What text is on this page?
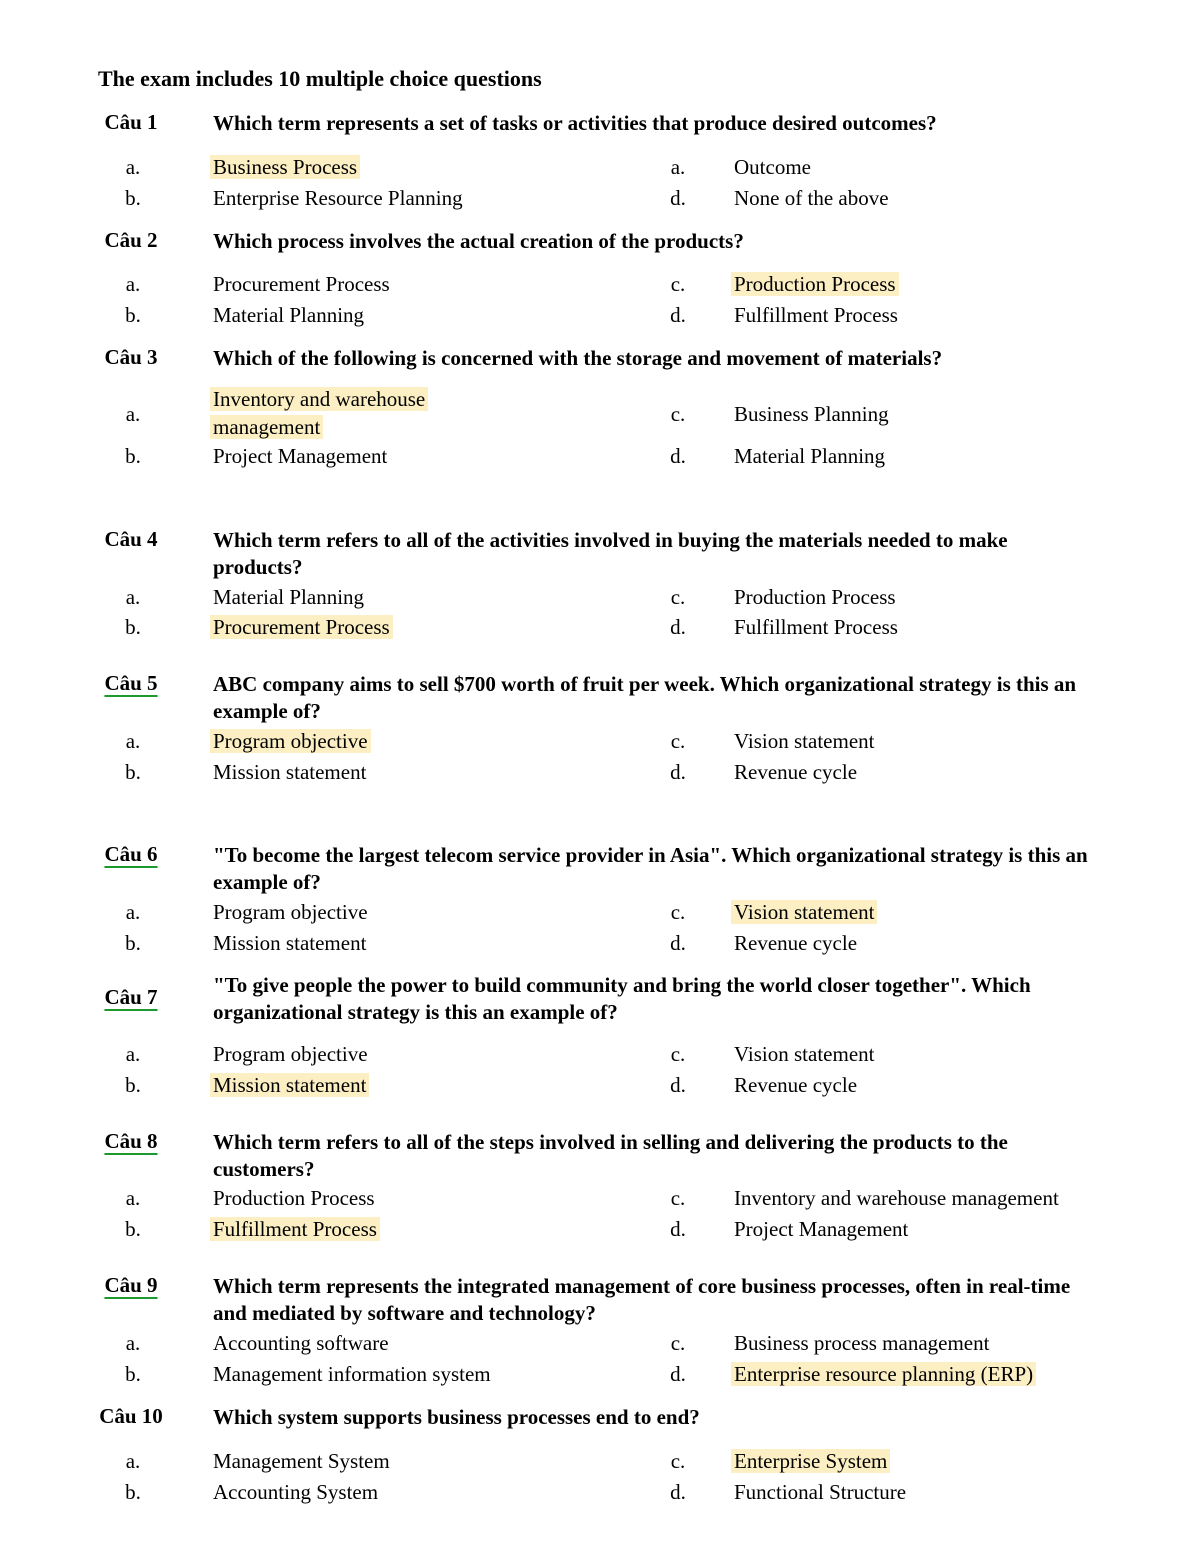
The exam includes 10 multiple choice questions
Câu 1	Which term represents a set of tasks or activities that produce desired outcomes?
a.	Business Process
b.	Enterprise Resource Planning
a. Outcome
d. None of the above
Câu 2	Which process involves the actual creation of the products?
a.	Procurement Process
b.	Material Planning
c. Production Process
d. Fulfillment Process
Câu 3	Which of the following is concerned with the storage and movement of materials?
a.
Inventory and warehouse management
b.	Project Management
c. Business Planning
d. Material Planning
Câu 4	Which term refers to all of the activities involved in buying the materials needed to make products?
a.	Material Planning
b.	Procurement Process
c. Production Process
d. Fulfillment Process
Câu 5	ABC company aims to sell $700 worth of fruit per week. Which organizational strategy is this an example of?
a.	Program objective
b.	Mission statement
c. Vision statement
d. Revenue cycle
Câu 6	"To become the largest telecom service provider in Asia". Which organizational strategy is this an example of?
a.	Program objective
b.	Mission statement
c. Vision statement
d. Revenue cycle
Câu 7	"To give people the power to build community and bring the world closer together". Which organizational strategy is this an example of?
a.	Program objective
b.	Mission statement
c. Vision statement
d. Revenue cycle
Câu 8	Which term refers to all of the steps involved in selling and delivering the products to the customers?
a.	Production Process
b.	Fulfillment Process
c. Inventory and warehouse management
d. Project Management
Câu 9	Which term represents the integrated management of core business processes, often in real-time and mediated by software and technology?
a.	Accounting software
b.	Management information system
c. Business process management
d. Enterprise resource planning (ERP)
Câu 10 Which system supports business processes end to end?
a.	Management System
b.	Accounting System
c. Enterprise System
d. Functional Structure
